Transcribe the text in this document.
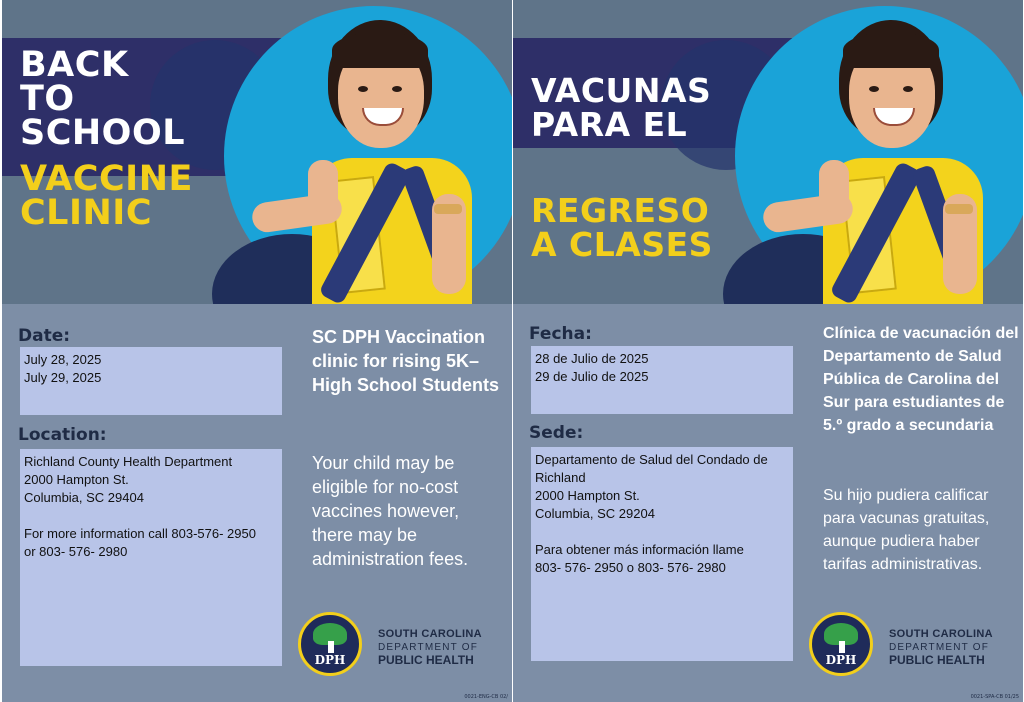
BACK
TO
SCHOOL
VACCINE
CLINIC
Date:

July 28, 2025

July 29, 2025

Location:

Richland County Health Department

2000 Hampton St.

Columbia, SC 29404

For more information call 803-576- 2950

or 803- 576- 2980

SC DPH Vaccination clinic for rising 5K–High School Students
Your child may be eligible for no-cost vaccines however, there may be administration fees.
DPH
SOUTH CAROLINA
DEPARTMENT OF
PUBLIC HEALTH
0021-ENG-CB 02/
VACUNAS
PARA EL
REGRESO
A CLASES
Fecha:

28 de Julio de 2025

29 de Julio de 2025

Sede:

Departamento de Salud del Condado de Richland

2000 Hampton St.

Columbia, SC 29204

Para obtener más información llame

803- 576- 2950 o 803- 576- 2980

Clínica de vacunación del Departamento de Salud Pública de Carolina del Sur para estudiantes de 5.º grado a secundaria
Su hijo pudiera calificar para vacunas gratuitas, aunque pudiera haber tarifas administrativas.
DPH
SOUTH CAROLINA
DEPARTMENT OF
PUBLIC HEALTH
0021-SPA-CB 01/25
